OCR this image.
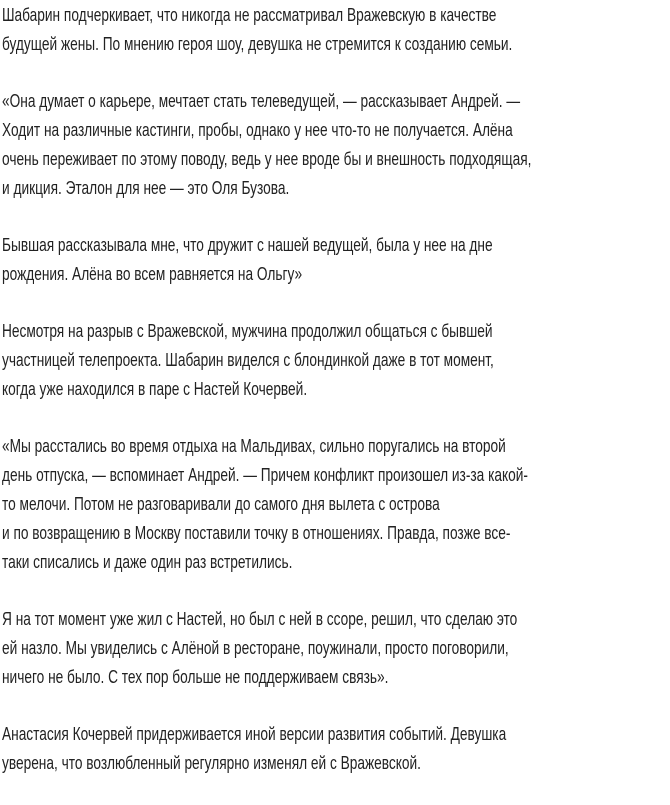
Шабарин подчеркивает, что никогда не рассматривал Вражевскую в качестве
будущей жены. По мнению героя шоу, девушка не стремится к созданию семьи.

«Она думает о карьере, мечтает стать телеведущей, — рассказывает Андрей. —
Ходит на различные кастинги, пробы, однако у нее что-то не получается. Алёна
очень переживает по этому поводу, ведь у нее вроде бы и внешность подходящая,
и дикция. Эталон для нее — это Оля Бузова.

Бывшая рассказывала мне, что дружит с нашей ведущей, была у нее на дне
рождения. Алёна во всем равняется на Ольгу»

Несмотря на разрыв с Вражевской, мужчина продолжил общаться с бывшей
участницей телепроекта. Шабарин виделся с блондинкой даже в тот момент,
когда уже находился в паре с Настей Кочервей.

«Мы расстались во время отдыха на Мальдивах, сильно поругались на второй
день отпуска, — вспоминает Андрей. — Причем конфликт произошел из-за какой-
то мелочи. Потом не разговаривали до самого дня вылета с острова
и по возвращению в Москву поставили точку в отношениях. Правда, позже все-
таки списались и даже один раз встретились.

Я на тот момент уже жил с Настей, но был с ней в ссоре, решил, что сделаю это
ей назло. Мы увиделись с Алёной в ресторане, поужинали, просто поговорили,
ничего не было. С тех пор больше не поддерживаем связь».

Анастасия Кочервей придерживается иной версии развития событий. Девушка
уверена, что возлюбленный регулярно изменял ей с Вражевской.
